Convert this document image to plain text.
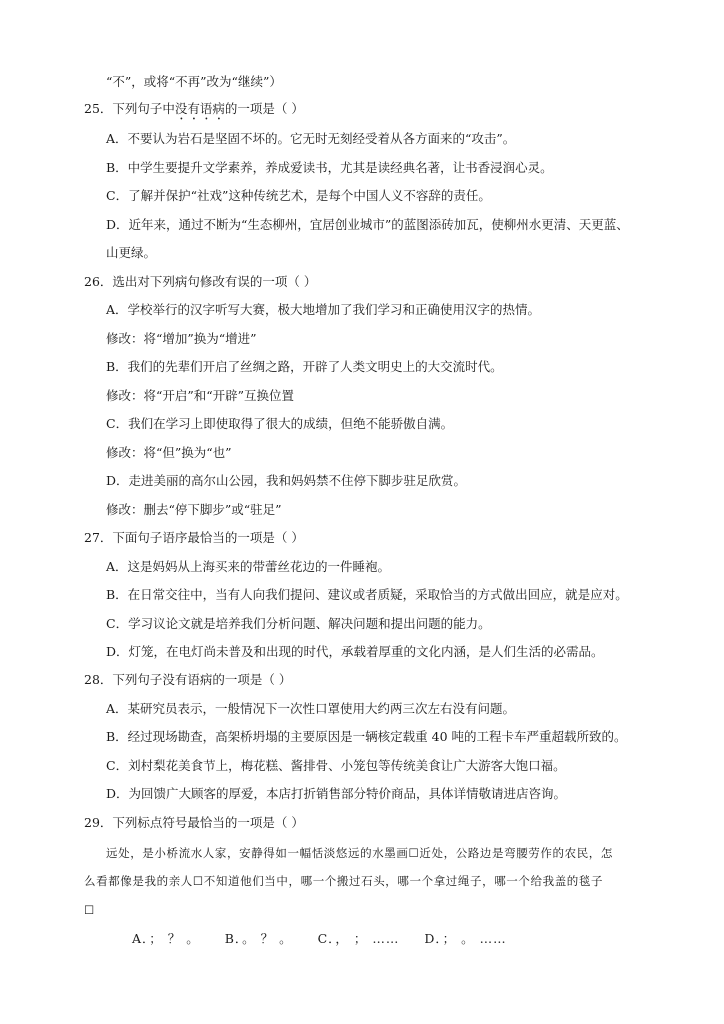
“不”，或将“不再”改为“继续”）
25．下列句子中没有语病的一项是（ ）
A．不要认为岩石是坚固不坏的。它无时无刻经受着从各方面来的“攻击”。
B．中学生要提升文学素养，养成爱读书，尤其是读经典名著，让书香浸润心灵。
C．了解并保护“社戏”这种传统艺术，是每个中国人义不容辞的责任。
D．近年来，通过不断为“生态柳州，宜居创业城市”的蓝图添砖加瓦，使柳州水更清、天更蓝、
山更绿。
26．选出对下列病句修改有误的一项（ ）
A．学校举行的汉字听写大赛，极大地增加了我们学习和正确使用汉字的热情。
修改：将“增加”换为“增进”
B．我们的先辈们开启了丝绸之路，开辟了人类文明史上的大交流时代。
修改：将“开启”和“开辟”互换位置
C．我们在学习上即使取得了很大的成绩，但绝不能骄傲自满。
修改：将“但”换为“也”
D．走进美丽的高尔山公园，我和妈妈禁不住停下脚步驻足欣赏。
修改：删去“停下脚步”或“驻足”
27．下面句子语序最恰当的一项是（ ）
A．这是妈妈从上海买来的带蕾丝花边的一件睡袍。
B．在日常交往中，当有人向我们提问、建议或者质疑，采取恰当的方式做出回应，就是应对。
C．学习议论文就是培养我们分析问题、解决问题和提出问题的能力。
D．灯笼，在电灯尚未普及和出现的时代，承载着厚重的文化内涵，是人们生活的必需品。
28．下列句子没有语病的一项是（ ）
A．某研究员表示，一般情况下一次性口罩使用大约两三次左右没有问题。
B．经过现场勘查，高架桥坍塌的主要原因是一辆核定载重 40 吨的工程卡车严重超载所致的。
C．刘村梨花美食节上，梅花糕、酱排骨、小笼包等传统美食让广大游客大饱口福。
D．为回馈广大顾客的厚爱，本店打折销售部分特价商品，具体详情敬请进店咨询。
29．下列标点符号最恰当的一项是（ ）
远处，是小桥流水人家，安静得如一幅恬淡悠远的水墨画☐近处，公路边是弯腰劳作的农民，怎
么看都像是我的亲人☐不知道他们当中，哪一个搬过石头，哪一个拿过绳子，哪一个给我盖的毯子
☐
A．； ？ 。 B．。 ？ 。 C．， ； …… D．； 。 ……
